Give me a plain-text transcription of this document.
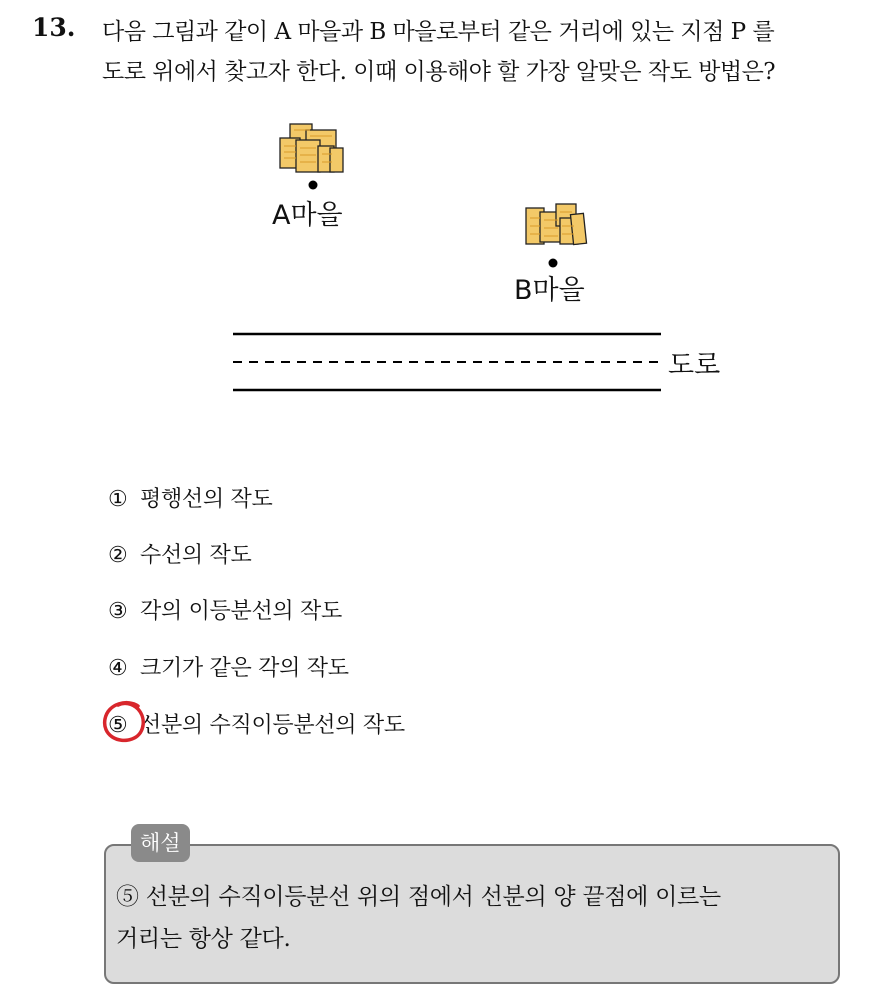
13. 다음 그림과 같이 A 마을과 B 마을로부터 같은 거리에 있는 지점 P 를
도로 위에서 찾고자 한다. 이때 이용해야 할 가장 알맞은 작도 방법은?
A마을
B마을
도로
① 평행선의 작도
② 수선의 작도
③ 각의 이등분선의 작도
④ 크기가 같은 각의 작도
⑤ 선분의 수직이등분선의 작도
해설
⑤ 선분의 수직이등분선 위의 점에서 선분의 양 끝점에 이르는
거리는 항상 같다.
